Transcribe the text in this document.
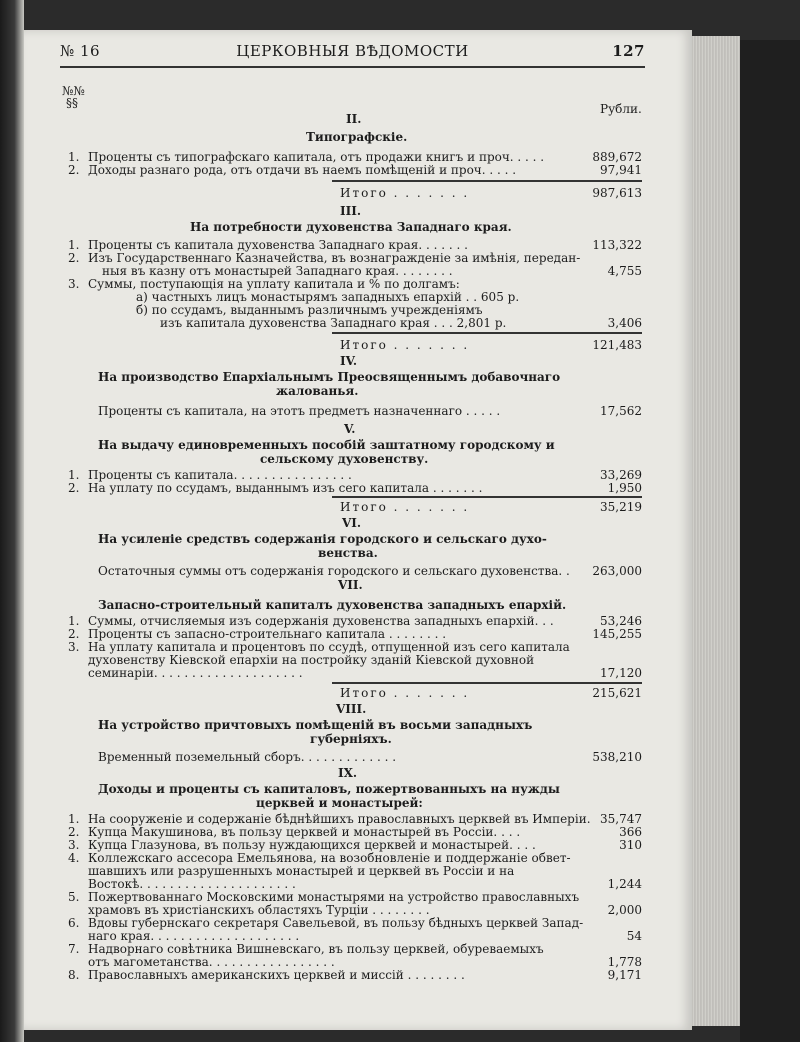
№ 16	ЦЕРКОВНЫЯ ВѢДОМОСТИ	127
№№
§§	Рубли.
II.
Типографскіе.
1. Проценты съ типографскаго капитала, отъ продажи книгъ и проч. . . . .	889,672
2. Доходы разнаго рода, отъ отдачи въ наемъ помѣщеній и проч. . . . .	97,941
Итого . . . . . . .	987,613
III.
На потребности духовенства Западнаго края.
1. Проценты съ капитала духовенства Западнаго края. . . . . . .	113,322
2. Изъ Государственнаго Казначейства, въ вознагражденіе за имѣнія, передан-
ныя въ казну отъ монастырей Западнаго края. . . . . . . .	4,755
3. Суммы, поступающія на уплату капитала и % по долгамъ:
а) частныхъ лицъ монастырямъ западныхъ епархій . . 605 р.
б) по ссудамъ, выданнымъ различнымъ учрежденіямъ
изъ капитала духовенства Западнаго края . . . 2,801 р.	3,406
Итого . . . . . . .	121,483
IV.
На производство Епархіальнымъ Преосвященнымъ добавочнаго
жалованья.
Проценты съ капитала, на этотъ предметъ назначеннаго . . . . .	17,562
V.
На выдачу единовременныхъ пособій заштатному городскому и
сельскому духовенству.
1. Проценты съ капитала. . . . . . . . . . . . . . . .	33,269
2. На уплату по ссудамъ, выданнымъ изъ сего капитала . . . . . . .	1,950
Итого . . . . . . .	35,219
VI.
На усиленіе средствъ содержанія городского и сельскаго духо-
венства.
Остаточныя суммы отъ содержанія городского и сельскаго духовенства. .	263,000
VII.
Запасно-строительный капиталъ духовенства западныхъ епархій.
1. Суммы, отчисляемыя изъ содержанія духовенства западныхъ епархій. . .	53,246
2. Проценты съ запасно-строительнаго капитала . . . . . . . .	145,255
3. На уплату капитала и процентовъ по ссудѣ, отпущенной изъ сего капитала
духовенству Кіевской епархіи на постройку зданій Кіевской духовной
семинаріи. . . . . . . . . . . . . . . . . . . .	17,120
Итого . . . . . . .	215,621
VIII.
На устройство причтовыхъ помѣщеній въ восьми западныхъ
губерніяхъ.
Временный поземельный сборъ. . . . . . . . . . . . .	538,210
IX.
Доходы и проценты съ капиталовъ, пожертвованныхъ на нужды
церквей и монастырей:
1. На сооруженіе и содержаніе бѣднѣйшихъ православныхъ церквей въ Имперіи. 35,747
2. Купца Макушинова, въ пользу церквей и монастырей въ Россіи. . . .	366
3. Купца Глазунова, въ пользу нуждающихся церквей и монастырей. . . .	310
4. Коллежскаго ассесора Емельянова, на возобновленіе и поддержаніе обвет-
шавшихъ или разрушенныхъ монастырей и церквей въ Россіи и на
Востокѣ. . . . . . . . . . . . . . . . . . . . .	1,244
5. Пожертвованнаго Московскими монастырями на устройство православныхъ
храмовъ въ христіанскихъ областяхъ Турціи . . . . . . . .	2,000
6. Вдовы губернскаго секретаря Савельевой, въ пользу бѣдныхъ церквей Запад-
наго края. . . . . . . . . . . . . . . . . . . .	54
7. Надворнаго совѣтника Вишневскаго, въ пользу церквей, обуреваемыхъ
отъ магометанства. . . . . . . . . . . . . . . . .	1,778
8. Православныхъ американскихъ церквей и миссій . . . . . . . .	9,171
